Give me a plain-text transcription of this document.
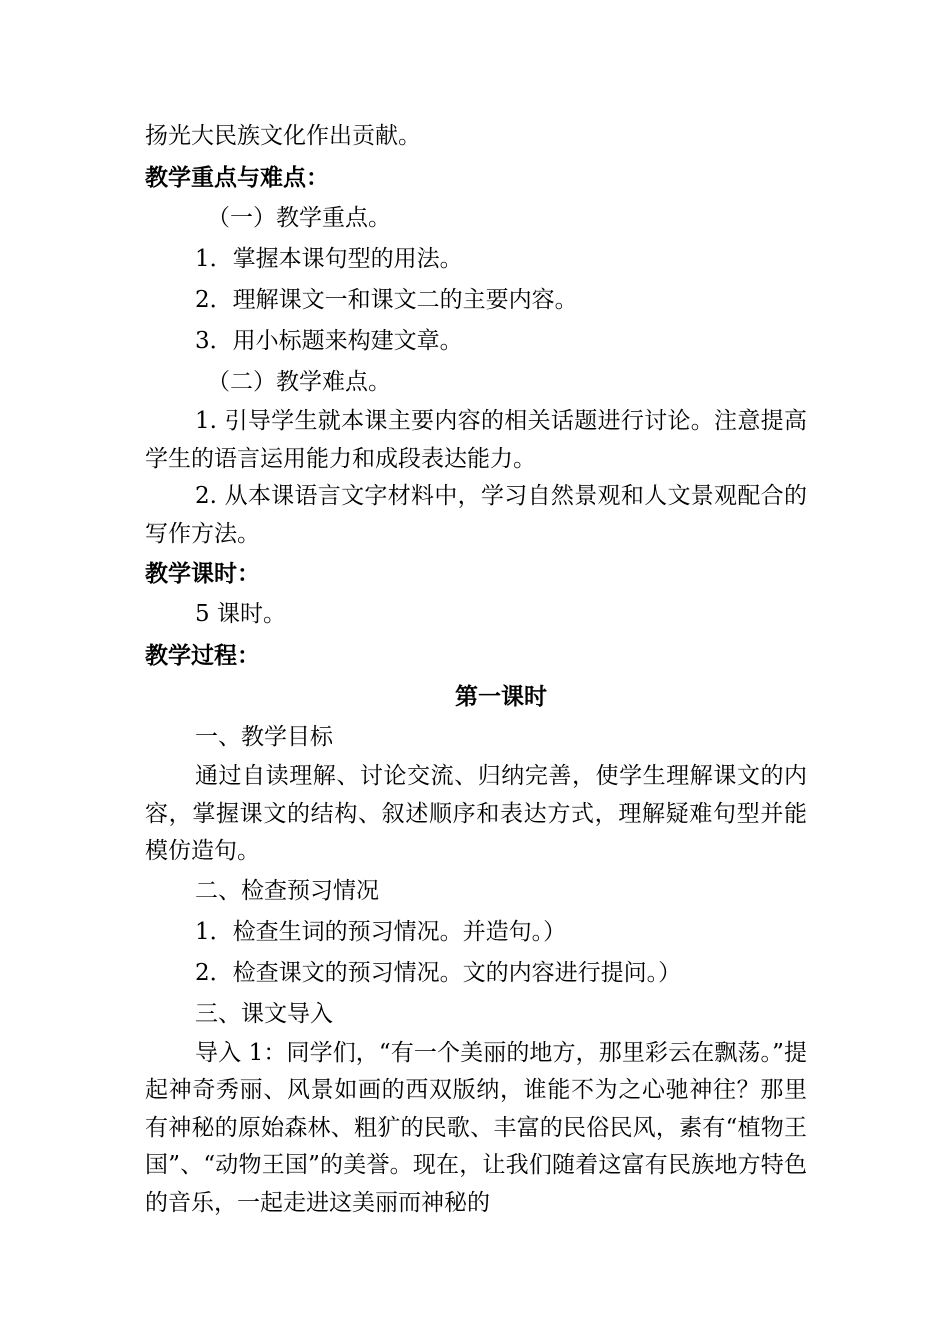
扬光大民族文化作出贡献。
教学重点与难点：
（一）教学重点。
1．掌握本课句型的用法。
2．理解课文一和课文二的主要内容。
3．用小标题来构建文章。
（二）教学难点。

1. 引导学生就本课主要内容的相关话题进行讨论。注意提高学生的语言运用能力和成段表达能力。

2. 从本课语言文字材料中，学习自然景观和人文景观配合的写作方法。

教学课时：
5 课时。
教学过程：
第一课时
一、教学目标

通过自读理解、讨论交流、归纳完善，使学生理解课文的内容，掌握课文的结构、叙述顺序和表达方式，理解疑难句型并能模仿造句。

二、检查预习情况
1．检查生词的预习情况。并造句。）
2．检查课文的预习情况。文的内容进行提问。）
三、课文导入

导入 1：同学们，“有一个美丽的地方，那里彩云在飘荡。”提起神奇秀丽、风景如画的西双版纳，谁能不为之心驰神往？那里有神秘的原始森林、粗犷的民歌、丰富的民俗民风，素有“植物王国”、“动物王国”的美誉。现在，让我们随着这富有民族地方特色的音乐，一起走进这美丽而神秘的
